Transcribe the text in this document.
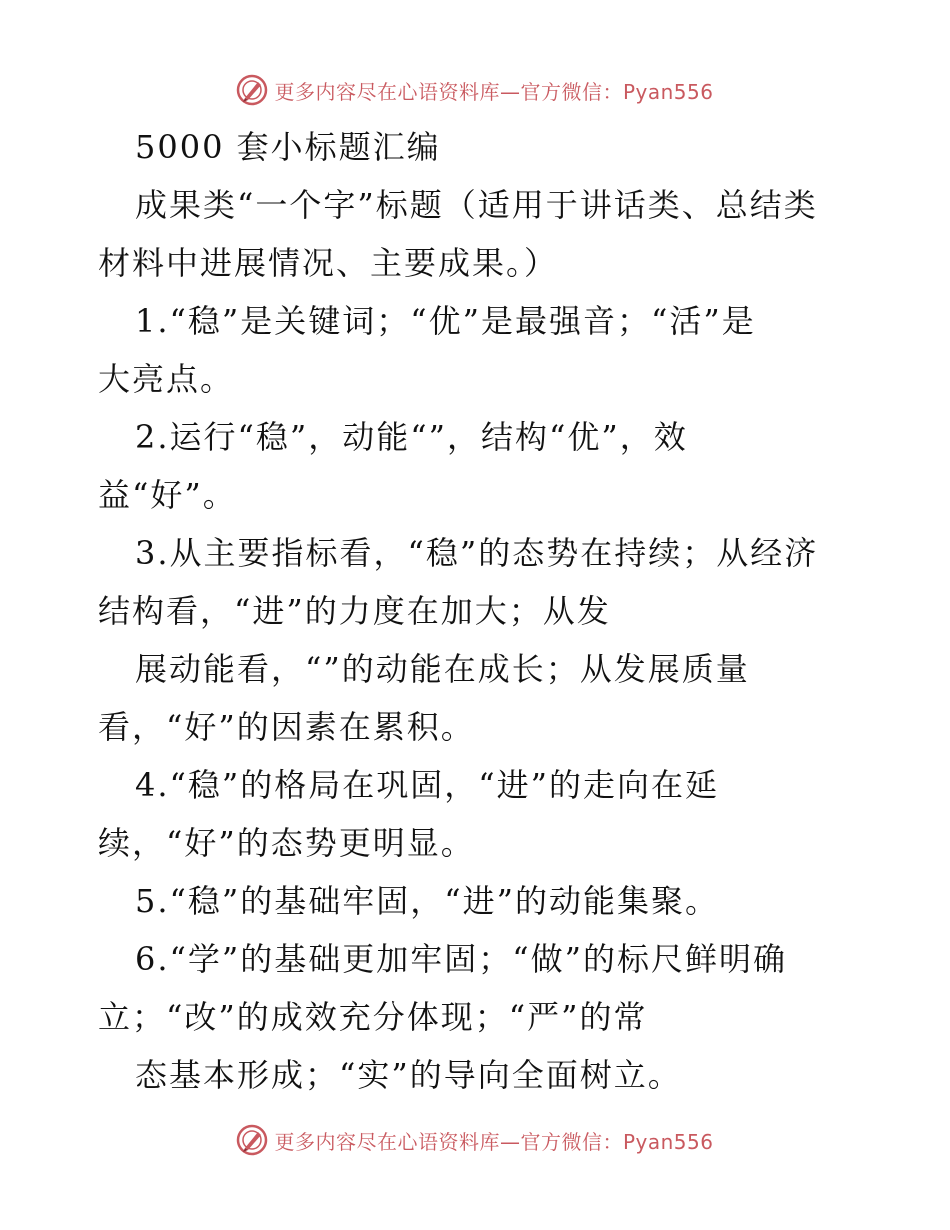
更多内容尽在心语资料库—官方微信：Pyan556
5000 套小标题汇编
成果类“一个字”标题（适用于讲话类、总结类
材料中进展情况、主要成果。）
1.“稳”是关键词；“优”是最强音；“活”是
大亮点。
2.运行“稳”，动能“”，结构“优”，效
益“好”。
3.从主要指标看，“稳”的态势在持续；从经济
结构看，“进”的力度在加大；从发
展动能看，“”的动能在成长；从发展质量
看，“好”的因素在累积。
4.“稳”的格局在巩固，“进”的走向在延
续，“好”的态势更明显。
5.“稳”的基础牢固，“进”的动能集聚。
6.“学”的基础更加牢固；“做”的标尺鲜明确
立；“改”的成效充分体现；“严”的常
态基本形成；“实”的导向全面树立。
更多内容尽在心语资料库—官方微信：Pyan556
